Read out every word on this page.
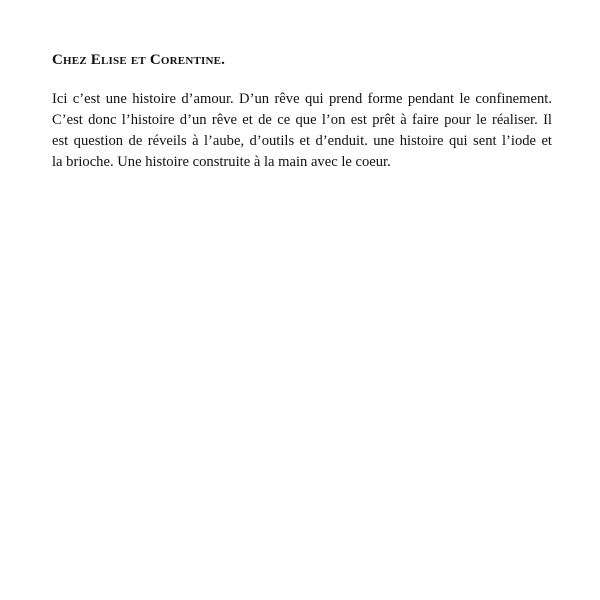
Chez Elise et Corentine.

Ici c’est une histoire d’amour. D’un rêve qui prend forme pendant le confinement.
C’est donc l’histoire d’un rêve et de ce que l’on est prêt à faire pour le réaliser. Il
est question de réveils à l’aube, d’outils et d’enduit. une histoire qui sent l’iode et
la brioche. Une histoire construite à la main avec le coeur.
